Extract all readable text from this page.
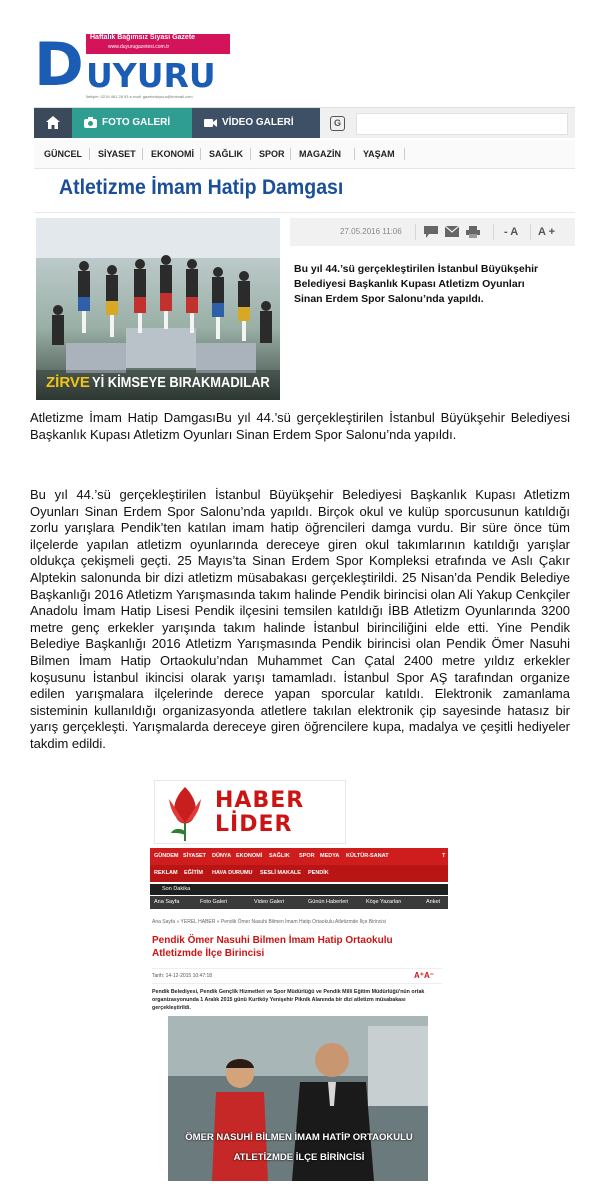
Haftalık Bağımsız Siyasi Gazete
www.duyurugazetesi.com.tr
D UYURU
İletişim: 0216 481 28 93 e-mail: gazeteduyuru@hotmail.com
FOTO GALERİ	VİDEO GALERİ	G
GÜNCEL SİYASET EKONOMİ SAĞLIK SPOR MAGAZİN YAŞAM
Atletizme İmam Hatip Damgası
ZİRVE Yİ KİMSEYE BIRAKMADILAR
27.05.2016 11:06	- A A +
Bu yıl 44.’sü gerçekleştirilen İstanbul Büyükşehir Belediyesi Başkanlık Kupası Atletizm Oyunları Sinan Erdem Spor Salonu’nda yapıldı.
Atletizme İmam Hatip DamgasıBu yıl 44.’sü gerçekleştirilen İstanbul Büyükşehir Belediyesi Başkanlık Kupası Atletizm Oyunları Sinan Erdem Spor Salonu’nda yapıldı.
Bu yıl 44.’sü gerçekleştirilen İstanbul Büyükşehir Belediyesi Başkanlık Kupası Atletizm Oyunları Sinan Erdem Spor Salonu’nda yapıldı. Birçok okul ve kulüp sporcusunun katıldığı zorlu yarışlara Pendik’ten katılan imam hatip öğrencileri damga vurdu. Bir süre önce tüm ilçelerde yapılan atletizm oyunlarında dereceye giren okul takımlarının katıldığı yarışlar oldukça çekişmeli geçti. 25 Mayıs’ta Sinan Erdem Spor Kompleksi etrafında ve Aslı Çakır Alptekin salonunda bir dizi atletizm müsabakası gerçekleştirildi. 25 Nisan’da Pendik Belediye Başkanlığı 2016 Atletizm Yarışmasında takım halinde Pendik birincisi olan Ali Yakup Cenkçiler Anadolu İmam Hatip Lisesi Pendik ilçesini temsilen katıldığı İBB Atletizm Oyunlarında 3200 metre genç erkekler yarışında takım halinde İstanbul birinciliğini elde etti. Yine Pendik Belediye Başkanlığı 2016 Atletizm Yarışmasında Pendik birincisi olan Pendik Ömer Nasuhi Bilmen İmam Hatip Ortaokulu’ndan Muhammet Can Çatal 2400 metre yıldız erkekler koşusunu İstanbul ikincisi olarak yarışı tamamladı. İstanbul Spor AŞ tarafından organize edilen yarışmalara ilçelerinde derece yapan sporcular katıldı. Elektronik zamanlama sisteminin kullanıldığı organizasyonda atletlere takılan elektronik çip sayesinde hatasız bir yarış gerçekleşti. Yarışmalarda dereceye giren öğrencilere kupa, madalya ve çeşitli hediyeler takdim edildi.
HABER
LİDER
GÜNDEM SİYASET DÜNYA EKONOMİ SAĞLIK SPOR MEDYA KÜLTÜR-SANAT	T
REKLAM EĞİTİM HAVA DURUMU SESLİ MAKALE PENDİK
Son Dakika
Ana Sayfa	Foto Galeri	Video Galeri	Günün Haberleri	Köşe Yazarları	Anket
Ana Sayfa » YEREL HABER » Pendik Ömer Nasuhi Bilmen İmam Hatip Ortaokulu Atletizmde İlçe Birincisi
Pendik Ömer Nasuhi Bilmen İmam Hatip Ortaokulu Atletizmde İlçe Birincisi
Tarih: 14-12-2015 10:47:18	A⁺A⁻
Pendik Belediyesi, Pendik Gençlik Hizmetleri ve Spor Müdürlüğü ve Pendik Milli Eğitim Müdürlüğü'nün ortak organizasyonunda 1 Aralık 2015 günü Kurtköy Yenişehir Piknik Alanında bir dizi atletizm müsabakası gerçekleştirildi.
ÖMER NASUHİ BİLMEN İMAM HATİP ORTAOKULU
ATLETİZMDE İLÇE BİRİNCİSİ
